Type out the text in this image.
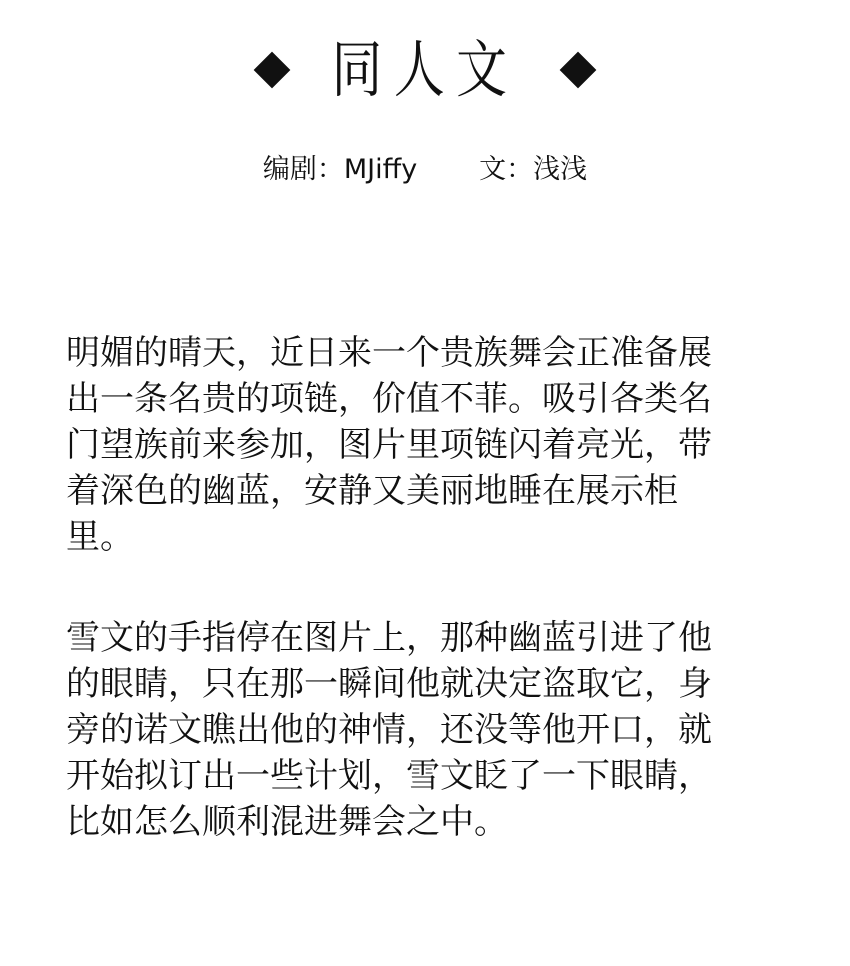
同人文
编剧：MJiffy 文：浅浅
明媚的晴天，近日来一个贵族舞会正准备展
出一条名贵的项链，价值不菲。吸引各类名
门望族前来参加，图片里项链闪着亮光，带
着深色的幽蓝，安静又美丽地睡在展示柜
里。
雪文的手指停在图片上，那种幽蓝引进了他
的眼睛，只在那一瞬间他就决定盗取它，身
旁的诺文瞧出他的神情，还没等他开口，就
开始拟订出一些计划，雪文眨了一下眼睛，
比如怎么顺利混进舞会之中。
